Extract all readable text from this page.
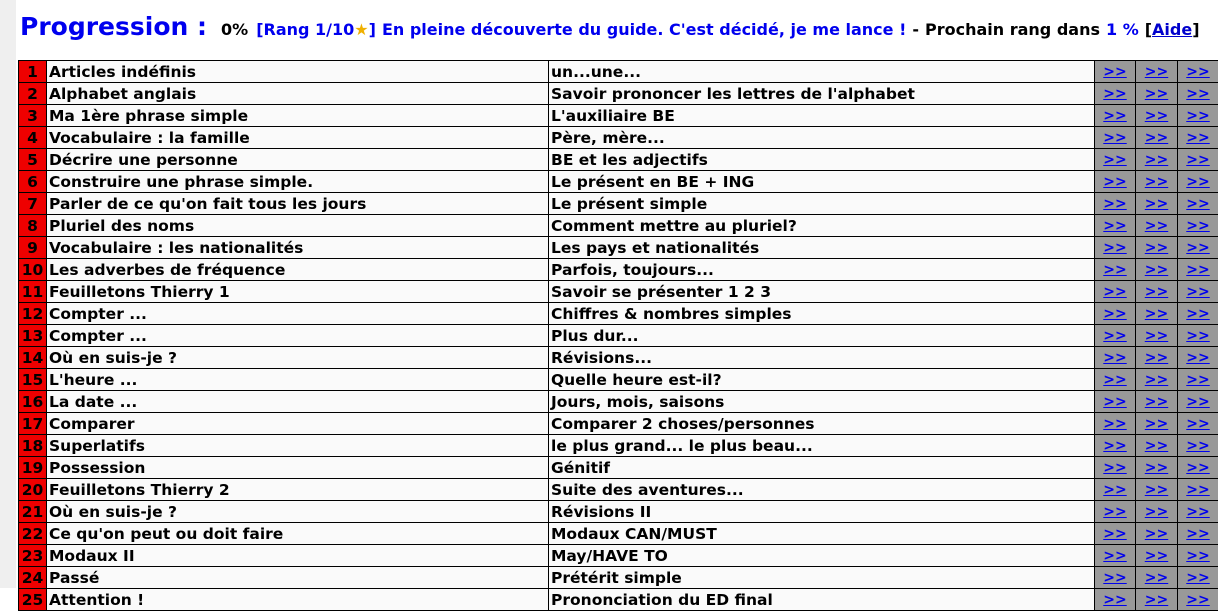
Progression : 0% [Rang 1/10★] En pleine découverte du guide. C'est décidé, je me lance ! - Prochain rang dans 1 % [Aide]
1	Articles indéfinis	un...une...	>>	>>	>>
2	Alphabet anglais	Savoir prononcer les lettres de l'alphabet	>>	>>	>>
3	Ma 1ère phrase simple	L'auxiliaire BE	>>	>>	>>
4	Vocabulaire : la famille	Père, mère...	>>	>>	>>
5	Décrire une personne	BE et les adjectifs	>>	>>	>>
6	Construire une phrase simple.	Le présent en BE + ING	>>	>>	>>
7	Parler de ce qu'on fait tous les jours	Le présent simple	>>	>>	>>
8	Pluriel des noms	Comment mettre au pluriel?	>>	>>	>>
9	Vocabulaire : les nationalités	Les pays et nationalités	>>	>>	>>
10	Les adverbes de fréquence	Parfois, toujours...	>>	>>	>>
11	Feuilletons Thierry 1	Savoir se présenter 1 2 3	>>	>>	>>
12	Compter ...	Chiffres & nombres simples	>>	>>	>>
13	Compter ...	Plus dur...	>>	>>	>>
14	Où en suis-je ?	Révisions...	>>	>>	>>
15	L'heure ...	Quelle heure est-il?	>>	>>	>>
16	La date ...	Jours, mois, saisons	>>	>>	>>
17	Comparer	Comparer 2 choses/personnes	>>	>>	>>
18	Superlatifs	le plus grand... le plus beau...	>>	>>	>>
19	Possession	Génitif	>>	>>	>>
20	Feuilletons Thierry 2	Suite des aventures...	>>	>>	>>
21	Où en suis-je ?	Révisions II	>>	>>	>>
22	Ce qu'on peut ou doit faire	Modaux CAN/MUST	>>	>>	>>
23	Modaux II	May/HAVE TO	>>	>>	>>
24	Passé	Prétérit simple	>>	>>	>>
25	Attention !	Prononciation du ED final	>>	>>	>>
